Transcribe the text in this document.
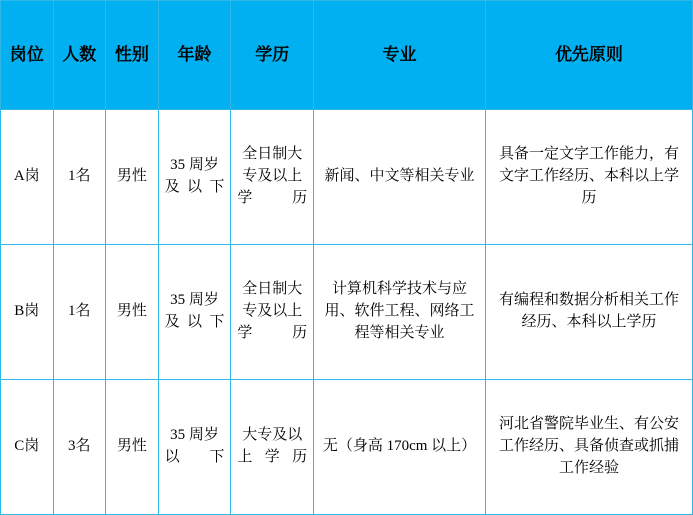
岗位	人数	性别	年龄	学历	专业	优先原则
A岗	1名	男性	35 周岁及以下	全日制大专及以上学历	新闻、中文等相关专业	具备一定文字工作能力，有文字工作经历、本科以上学历
B岗	1名	男性	35 周岁及以下	全日制大专及以上学历	计算机科学技术与应用、软件工程、网络工程等相关专业	有编程和数据分析相关工作经历、本科以上学历
C岗	3名	男性	35 周岁以下	大专及以上学历	无（身高 170cm 以上）	河北省警院毕业生、有公安工作经历、具备侦查或抓捕工作经验
